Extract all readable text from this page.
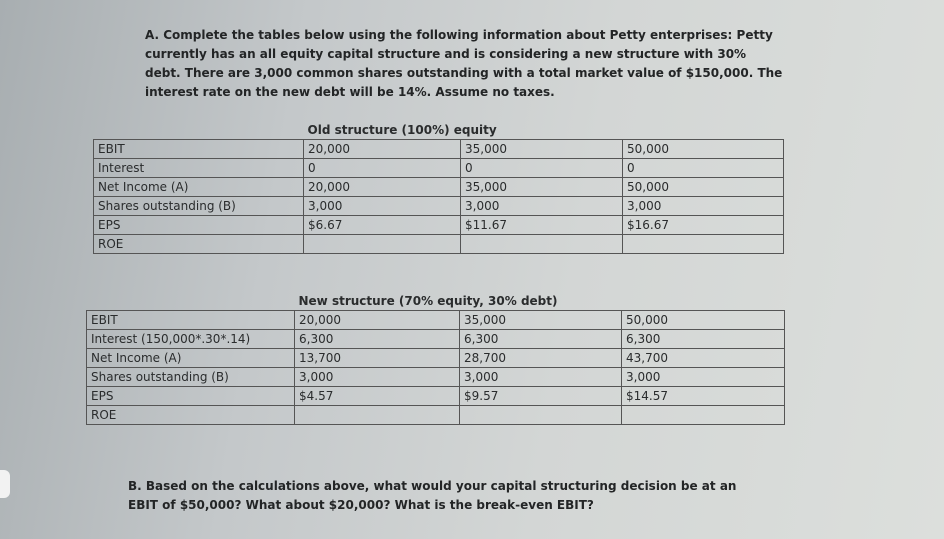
A. Complete the tables below using the following information about Petty enterprises: Petty currently has an all equity capital structure and is considering a new structure with 30% debt. There are 3,000 common shares outstanding with a total market value of $150,000. The interest rate on the new debt will be 14%. Assume no taxes.
	Old structure (100%) equity		
EBIT	20,000	35,000	50,000
Interest	0	0	0
Net Income (A)	20,000	35,000	50,000
Shares outstanding (B)	3,000	3,000	3,000
EPS	$6.67	$11.67	$16.67
ROE			
	New structure (70% equity, 30% debt)		
EBIT	20,000	35,000	50,000
Interest (150,000*.30*.14)	6,300	6,300	6,300
Net Income (A)	13,700	28,700	43,700
Shares outstanding (B)	3,000	3,000	3,000
EPS	$4.57	$9.57	$14.57
ROE			
B. Based on the calculations above, what would your capital structuring decision be at an EBIT of $50,000? What about $20,000? What is the break-even EBIT?
